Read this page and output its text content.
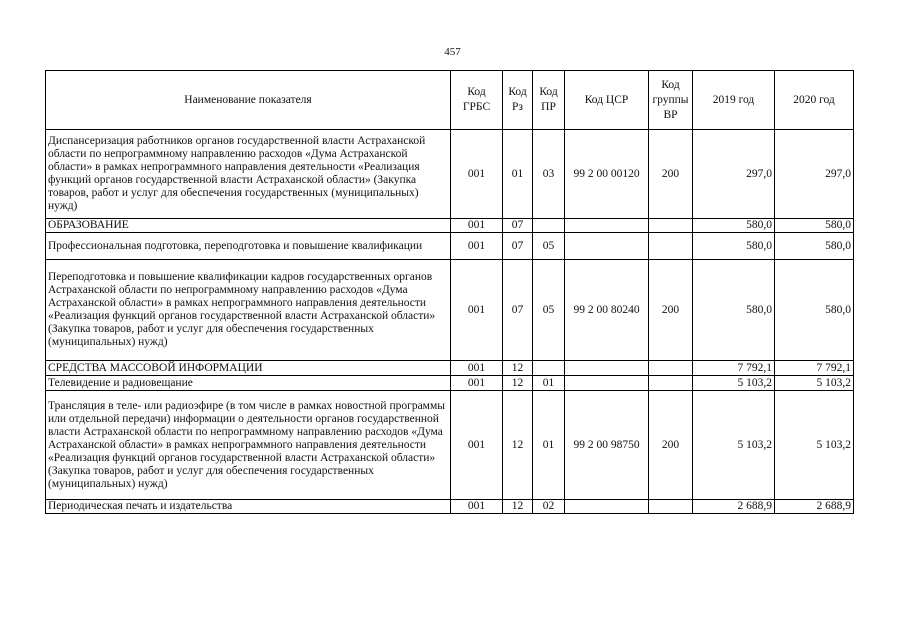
457
Наименование показателя	Код ГРБС	Код Рз	Код ПР	Код ЦСР	Код группы ВР	2019 год	2020 год
Диспансеризация работников органов государственной власти Астраханской области по непрограммному направлению расходов «Дума Астраханской области» в рамках непрограммного направления деятельности «Реализация функций органов государственной власти Астраханской области» (Закупка товаров, работ и услуг для обеспечения государственных (муниципальных) нужд)	001	01	03	99 2 00 00120	200	297,0	297,0
ОБРАЗОВАНИЕ	001	07				580,0	580,0
Профессиональная подготовка, переподготовка и повышение квалификации	001	07	05			580,0	580,0
Переподготовка и повышение квалификации кадров государственных органов Астраханской области по непрограммному направлению расходов «Дума Астраханской области» в рамках непрограммного направления деятельности «Реализация функций органов государственной власти Астраханской области» (Закупка товаров, работ и услуг для обеспечения государственных (муниципальных) нужд)	001	07	05	99 2 00 80240	200	580,0	580,0
СРЕДСТВА МАССОВОЙ ИНФОРМАЦИИ	001	12				7 792,1	7 792,1
Телевидение и радиовещание	001	12	01			5 103,2	5 103,2
Трансляция в теле- или радиоэфире (в том числе в рамках новостной программы или отдельной передачи) информации о деятельности органов государственной власти Астраханской области по непрограммному направлению расходов «Дума Астраханской области» в рамках непрограммного направления деятельности «Реализация функций органов государственной власти Астраханской области» (Закупка товаров, работ и услуг для обеспечения государственных (муниципальных) нужд)	001	12	01	99 2 00 98750	200	5 103,2	5 103,2
Периодическая печать и издательства	001	12	02			2 688,9	2 688,9
